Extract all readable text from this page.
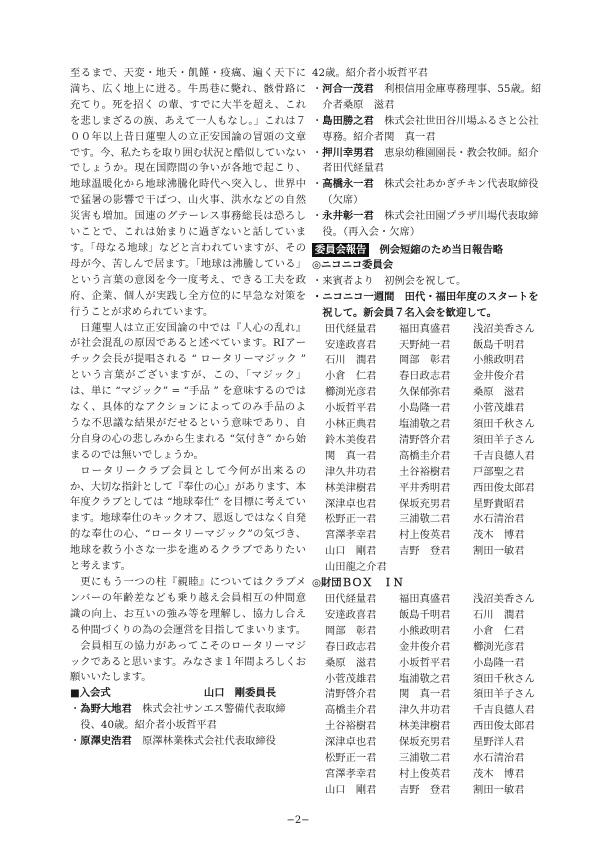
至るまで、天変・地夭・飢饉・疫癘、遍く天下に満ち、広く地上に迸る。牛馬巷に斃れ、骸骨路に充てり。死を招く の輩、すでに大半を超え、これを悲しまざるの族、あえて一人もなし。」これは７００年以上昔日蓮聖人の立正安国論の冒頭の文章です。今、私たちを取り囲む状況と酷似していないでしょうか。現在国際間の争いが各地で起こり、地球温暖化から地球沸騰化時代へ突入し、世界中で猛暑の影響で干ばつ、山火事、洪水などの自然災害も増加。国連のグテーレス事務総長は恐ろしいことで、これは始まりに過ぎないと話しています。「母なる地球」などと言われていますが、その母が今、苦しんで居ます。「地球は沸騰している」という言葉の意図を今一度考え、できる工夫を政府、企業、個人が実践し全方位的に早急な対策を行うことが求められています。

日蓮聖人は立正安国論の中では『人心の乱れ』が社会混乱の原因であると述べています。RIアーチック会長が提唱される “ ロータリーマジック ” という言葉がございますが、この、「マジック」は、単に “マジック” = “手品 ” を意味するのではなく、具体的なアクションによってのみ手品のような不思議な結果がだせるという意味であり、自分自身の心の悲しみから生まれる “気付き” から始まるのでは無いでしょうか。

ロータリークラブ会員として今何が出来るのか、大切な指針として『奉仕の心』があります、本年度クラブとしては “地球奉仕” を目標に考えています。地球奉仕のキックオフ、恩返しではなく自発的な奉仕の心、“ロータリーマジック”の気づき、地球を救う小さな一歩を進めるクラブでありたいと考えます。

更にもう一つの柱『親睦』についてはクラブメンバーの年齢差なども乗り越え会員相互の仲間意識の向上、お互いの強み等を理解し、協力し合える仲間づくりの為の会運営を目指してまいります。

会員相互の協力があってこそのロータリーマジックであると思います。みなさま１年間よろしくお願いいたします。

■入会式	山口　剛委員長

・為野大地君　 株式会社サンエス警備代表取締役、40歳。紹介者小坂哲平君

・原澤史浩君　 原澤林業株式会社代表取締役

42歳。紹介者小坂哲平君

・河合一茂君　 利根信用金庫専務理事、55歳。紹介者桑原　滋君

・島田勝之君　 株式会社世田谷川場ふるさと公社専務。紹介者関　真一君

・押川幸男君　 恵泉幼稚園園長・教会牧師。紹介者田代経量君

・高橋永一君　 株式会社あかぎチキン代表取締役（欠席）

・永井彰一君　 株式会社田園プラザ川場代表取締役。（再入会・欠席）

委員会報告 例会短縮のため当日報告略
◎ニコニコ委員会
・来賓者より　初例会を祝して。

・ニコニコ一週間　田代・福田年度のスタートを祝して。新会員７名入会を歓迎して。

田代経量君	福田真盛君	浅沼美香さん
安達政喜君	天野純一君	飯島千明君
石川　潤君	岡部　彰君	小熊政明君
小倉　仁君	春日政志君	金井俊介君
櫛渕光彦君	久保郁弥君	桑原　滋君
小坂哲平君	小島隆一君	小菅茂雄君
小林正典君	塩浦敬之君	須田千秋さん
鈴木美俊君	清野啓介君	須田羊子さん
関　真一君	高橋圭介君	千吉良德人君
津久井功君	土谷裕樹君	戸部聖之君
林美津樹君	平井秀明君	西田俊太郎君
深津卓也君	保坂充男君	星野貴昭君
松野正一君	三浦敬二君	水石清治君
宮澤孝幸君	村上俊英君	茂木　博君
山口　剛君	吉野　登君	割田一敏君
山田龍之介君
◎財団ＢＯＸ　ＩＮ
田代経量君	福田真盛君	浅沼美香さん
安達政喜君	飯島千明君	石川　潤君
岡部　彰君	小熊政明君	小倉　仁君
春日政志君	金井俊介君	櫛渕光彦君
桑原　滋君	小坂哲平君	小島隆一君
小菅茂雄君	塩浦敬之君	須田千秋さん
清野啓介君	関　真一君	須田羊子さん
高橋圭介君	津久井功君	千吉良德人君
土谷裕樹君	林美津樹君	西田俊太郎君
深津卓也君	保坂充男君	星野洋人君
松野正一君	三浦敬二君	水石清治君
宮澤孝幸君	村上俊英君	茂木　博君
山口　剛君	吉野　登君	割田一敏君
−2−
